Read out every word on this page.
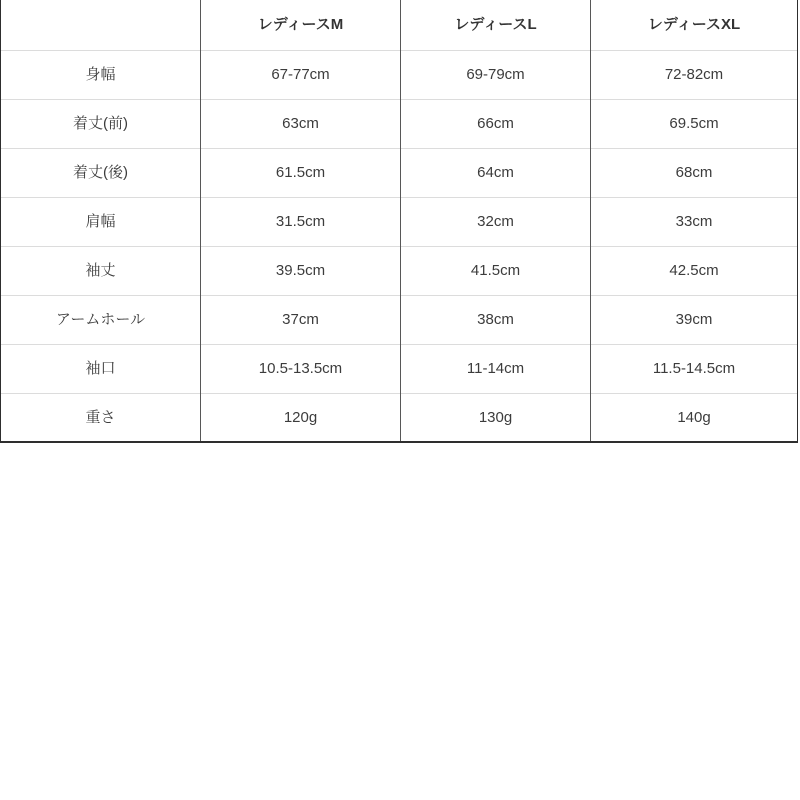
	レディースM	レディースL	レディースXL
身幅	67-77cm	69-79cm	72-82cm
着丈(前)	63cm	66cm	69.5cm
着丈(後)	61.5cm	64cm	68cm
肩幅	31.5cm	32cm	33cm
袖丈	39.5cm	41.5cm	42.5cm
アームホール	37cm	38cm	39cm
袖口	10.5-13.5cm	11-14cm	11.5-14.5cm
重さ	120g	130g	140g
